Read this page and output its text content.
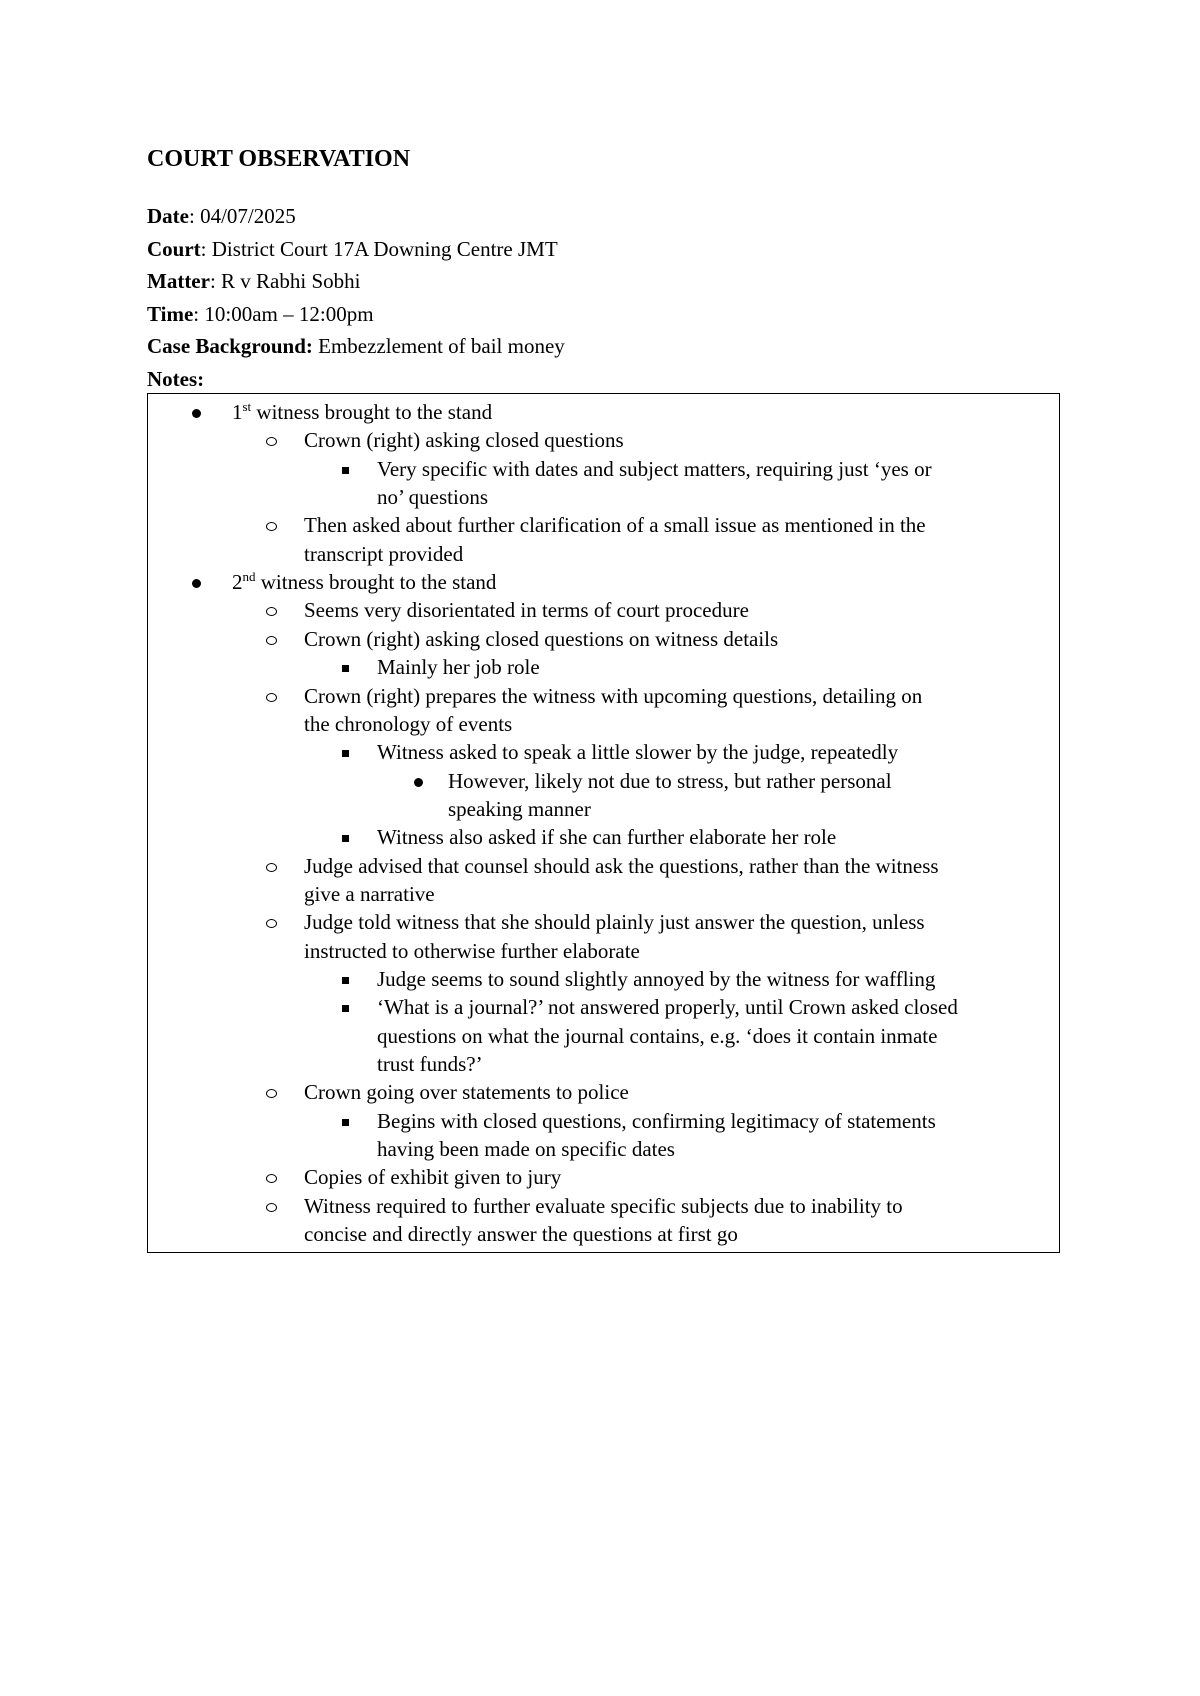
COURT OBSERVATION
Date: 04/07/2025
Court: District Court 17A Downing Centre JMT
Matter: R v Rabhi Sobhi
Time: 10:00am – 12:00pm
Case Background: Embezzlement of bail money
Notes:
1st witness brought to the stand
Crown (right) asking closed questions
Very specific with dates and subject matters, requiring just ‘yes or
no’ questions
Then asked about further clarification of a small issue as mentioned in the
transcript provided
2nd witness brought to the stand
Seems very disorientated in terms of court procedure
Crown (right) asking closed questions on witness details
Mainly her job role
Crown (right) prepares the witness with upcoming questions, detailing on
the chronology of events
Witness asked to speak a little slower by the judge, repeatedly
However, likely not due to stress, but rather personal
speaking manner
Witness also asked if she can further elaborate her role
Judge advised that counsel should ask the questions, rather than the witness
give a narrative
Judge told witness that she should plainly just answer the question, unless
instructed to otherwise further elaborate
Judge seems to sound slightly annoyed by the witness for waffling
‘What is a journal?’ not answered properly, until Crown asked closed
questions on what the journal contains, e.g. ‘does it contain inmate
trust funds?’
Crown going over statements to police
Begins with closed questions, confirming legitimacy of statements
having been made on specific dates
Copies of exhibit given to jury
Witness required to further evaluate specific subjects due to inability to
concise and directly answer the questions at first go
